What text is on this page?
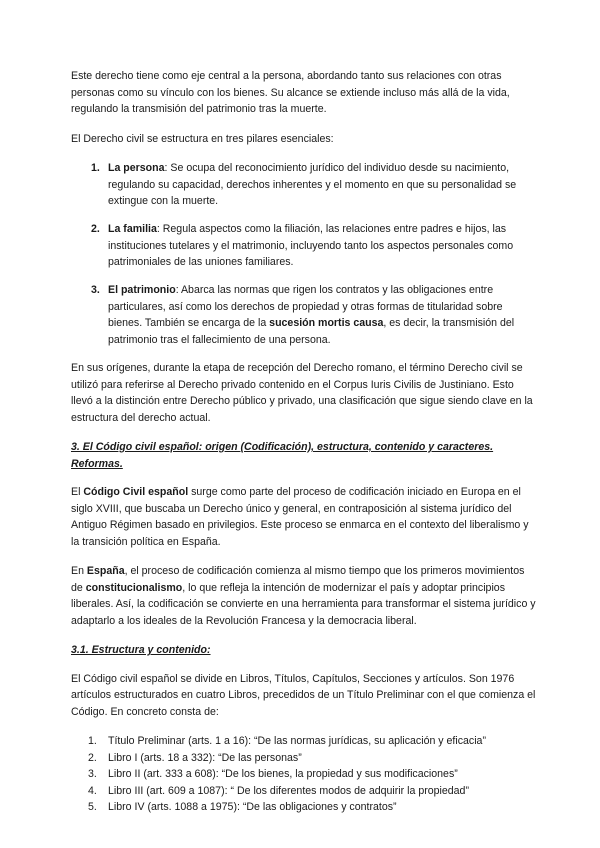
Este derecho tiene como eje central a la persona, abordando tanto sus relaciones con otras personas como su vínculo con los bienes. Su alcance se extiende incluso más allá de la vida, regulando la transmisión del patrimonio tras la muerte.

El Derecho civil se estructura en tres pilares esenciales:

1. La persona: Se ocupa del reconocimiento jurídico del individuo desde su nacimiento, regulando su capacidad, derechos inherentes y el momento en que su personalidad se extingue con la muerte.
2. La familia: Regula aspectos como la filiación, las relaciones entre padres e hijos, las instituciones tutelares y el matrimonio, incluyendo tanto los aspectos personales como patrimoniales de las uniones familiares.
3. El patrimonio: Abarca las normas que rigen los contratos y las obligaciones entre particulares, así como los derechos de propiedad y otras formas de titularidad sobre bienes. También se encarga de la sucesión mortis causa, es decir, la transmisión del patrimonio tras el fallecimiento de una persona.

En sus orígenes, durante la etapa de recepción del Derecho romano, el término Derecho civil se utilizó para referirse al Derecho privado contenido en el Corpus Iuris Civilis de Justiniano. Esto llevó a la distinción entre Derecho público y privado, una clasificación que sigue siendo clave en la estructura del derecho actual.

3. El Código civil español: origen (Codificación), estructura, contenido y caracteres. Reformas.

El Código Civil español surge como parte del proceso de codificación iniciado en Europa en el siglo XVIII, que buscaba un Derecho único y general, en contraposición al sistema jurídico del Antiguo Régimen basado en privilegios. Este proceso se enmarca en el contexto del liberalismo y la transición política en España.

En España, el proceso de codificación comienza al mismo tiempo que los primeros movimientos de constitucionalismo, lo que refleja la intención de modernizar el país y adoptar principios liberales. Así, la codificación se convierte en una herramienta para transformar el sistema jurídico y adaptarlo a los ideales de la Revolución Francesa y la democracia liberal.

3.1. Estructura y contenido:

El Código civil español se divide en Libros, Títulos, Capítulos, Secciones y artículos. Son 1976 artículos estructurados en cuatro Libros, precedidos de un Título Preliminar con el que comienza el Código. En concreto consta de:

1. Título Preliminar (arts. 1 a 16): “De las normas jurídicas, su aplicación y eficacia”
2. Libro I (arts. 18 a 332): “De las personas”
3. Libro II (art. 333 a 608): “De los bienes, la propiedad y sus modificaciones”
4. Libro III (art. 609 a 1087): “ De los diferentes modos de adquirir la propiedad”
5. Libro IV (arts. 1088 a 1975): “De las obligaciones y contratos”
